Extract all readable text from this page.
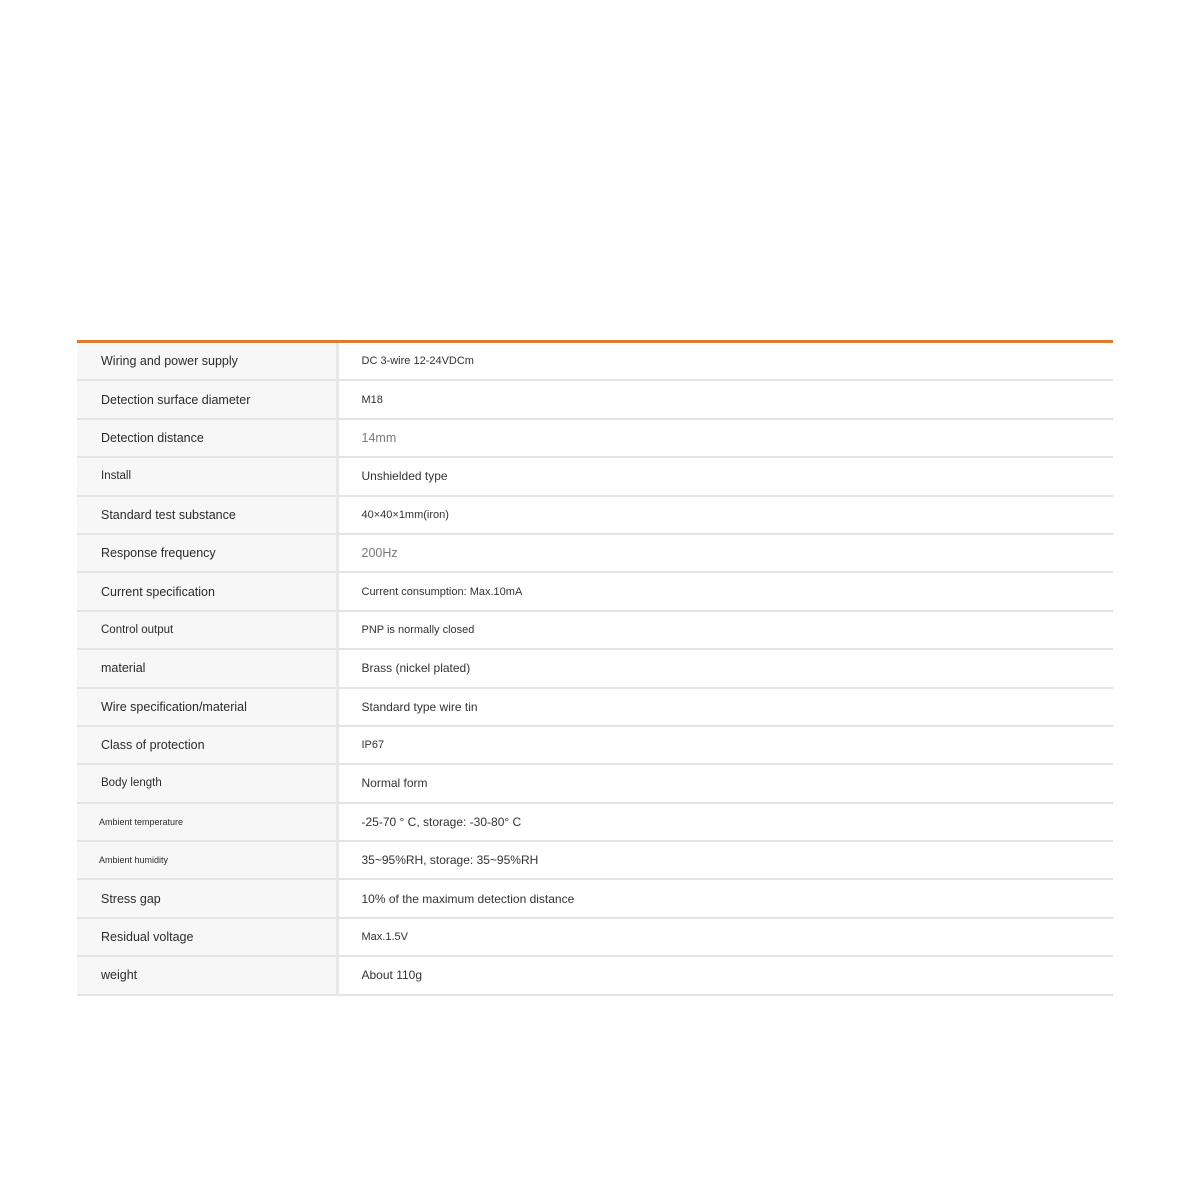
Wiring and power supply	DC 3-wire 12-24VDCm
Detection surface diameter	M18
Detection distance	14mm
Install	Unshielded type
Standard test substance	40×40×1mm(iron)
Response frequency	200Hz
Current specification	Current consumption: Max.10mA
Control output	PNP is normally closed
material	Brass (nickel plated)
Wire specification/material	Standard type wire tin
Class of protection	IP67
Body length	Normal form
Ambient temperature	-25-70 ° C, storage: -30-80° C
Ambient humidity	35~95%RH, storage: 35~95%RH
Stress gap	10% of the maximum detection distance
Residual voltage	Max.1.5V
weight	About 110g
